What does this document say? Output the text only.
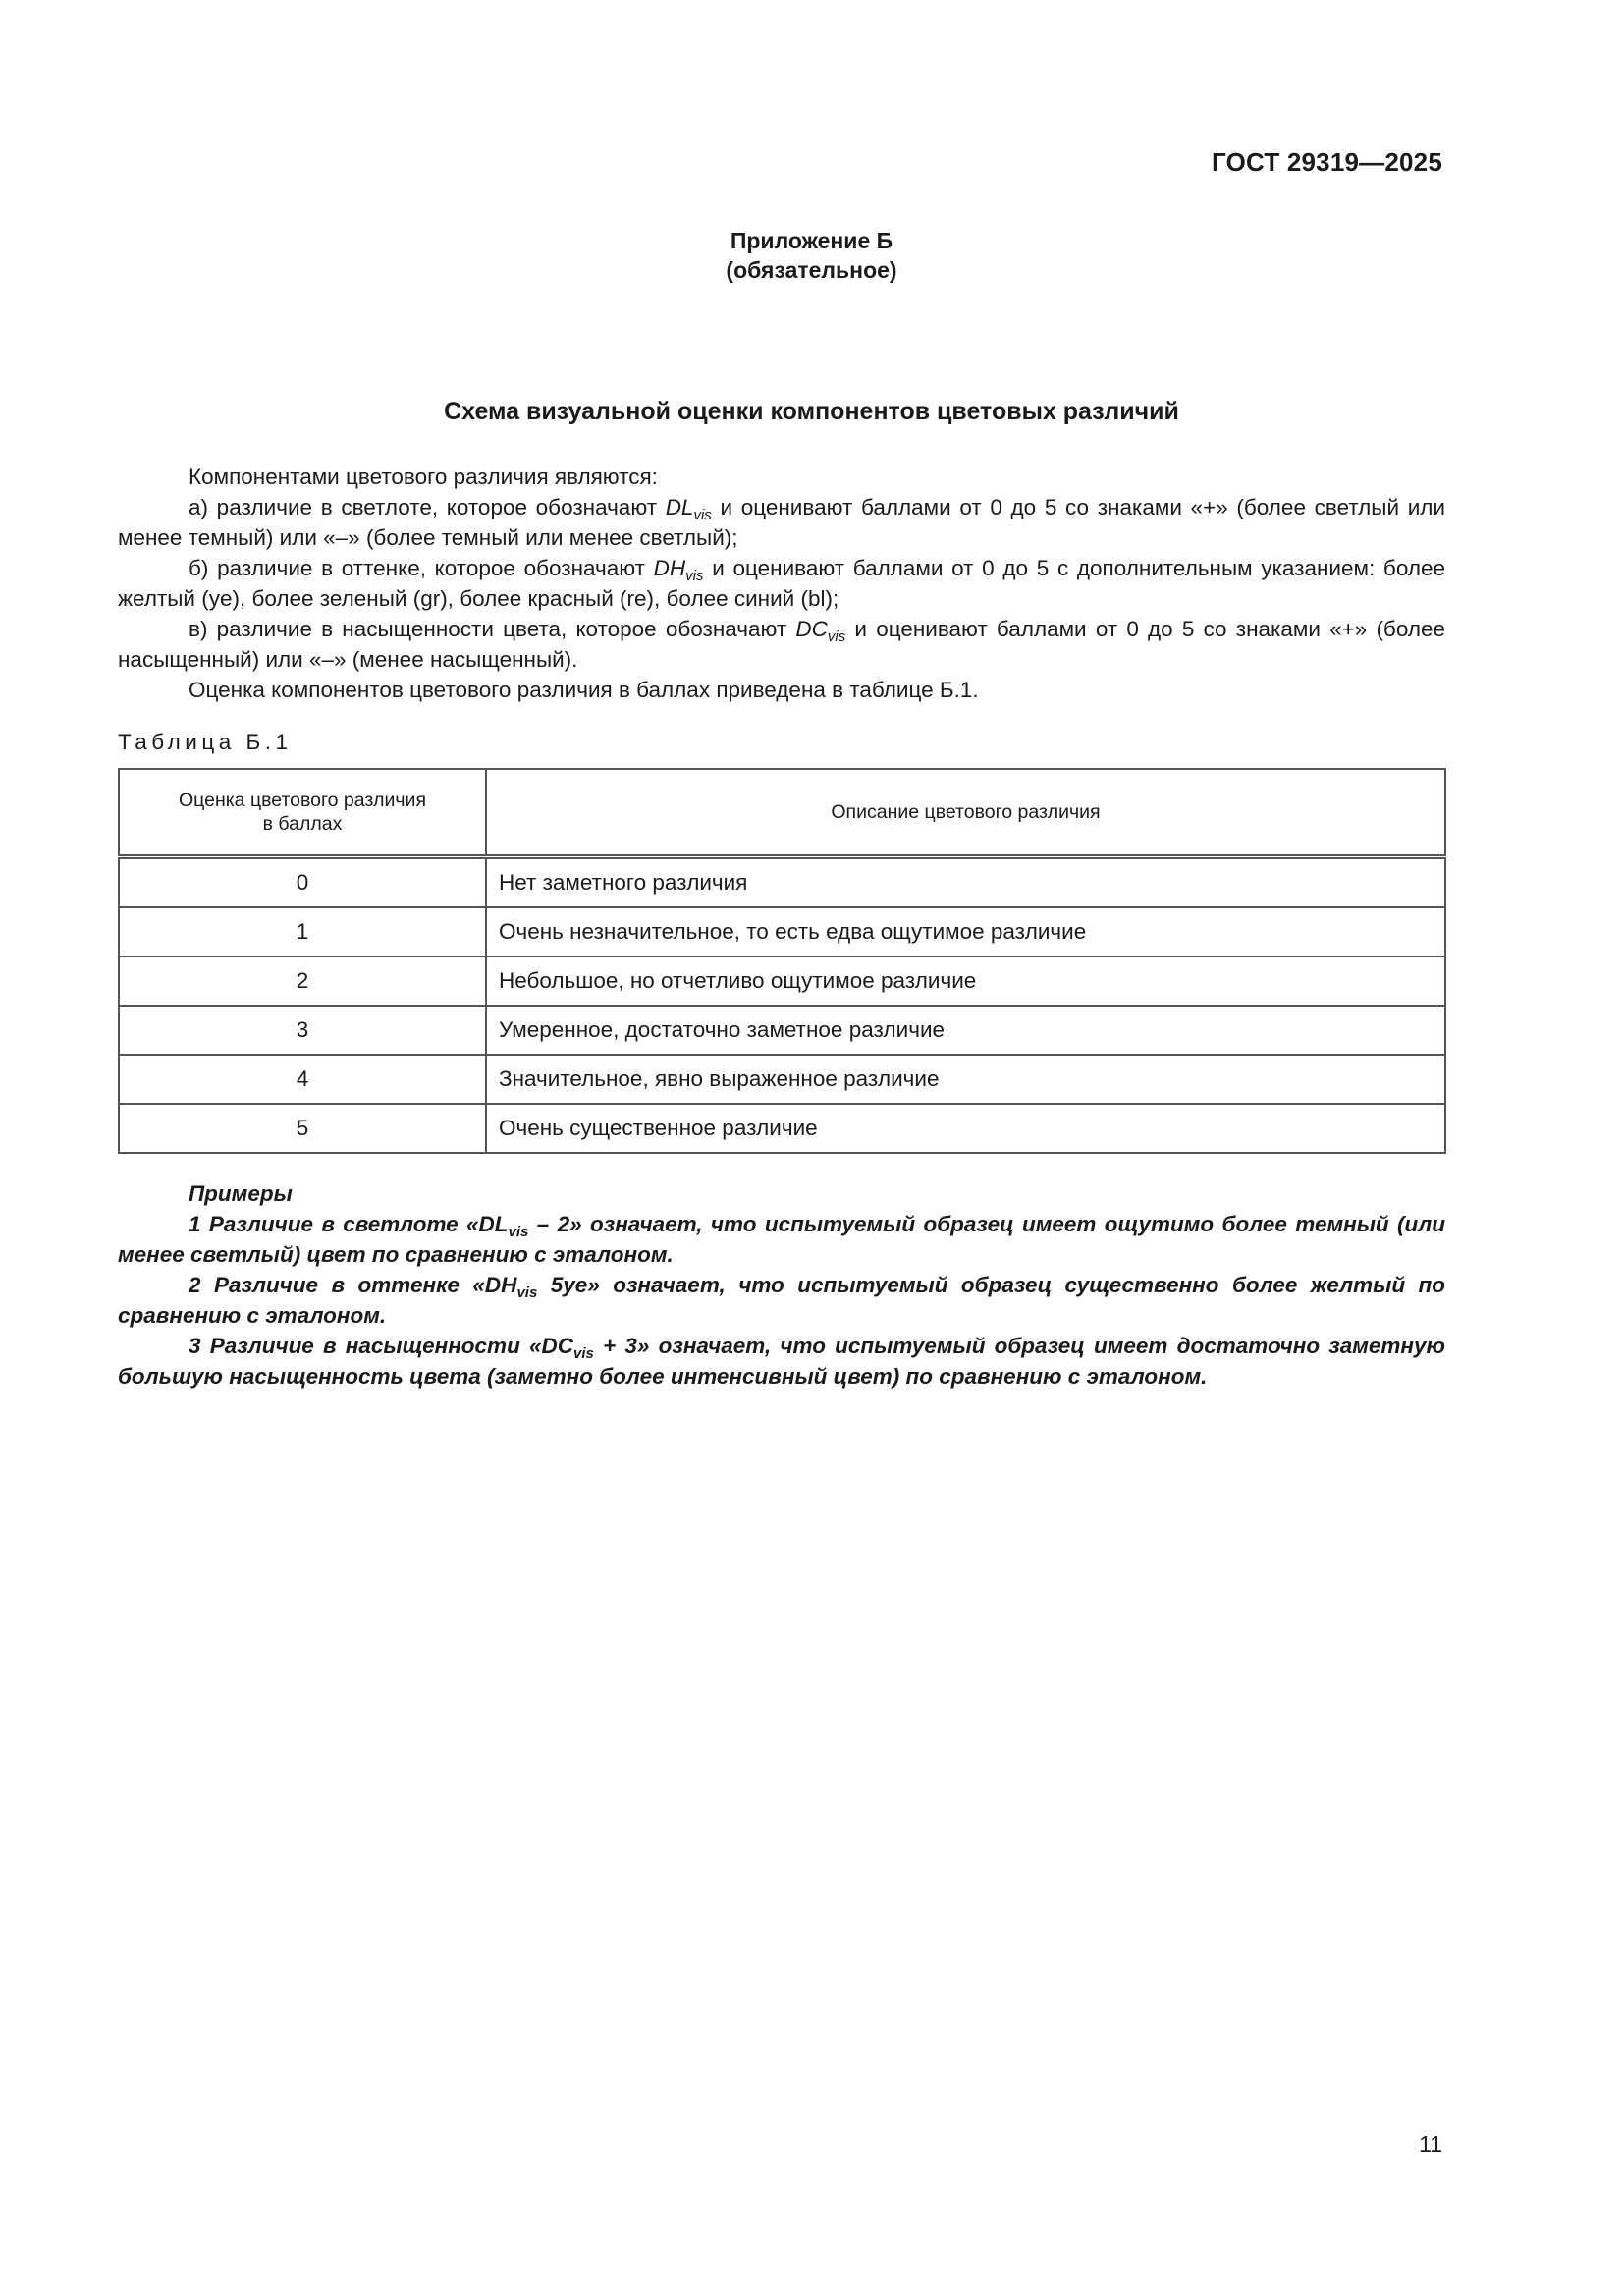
ГОСТ 29319—2025
Приложение Б
(обязательное)
Схема визуальной оценки компонентов цветовых различий

Компонентами цветового различия являются:

а) различие в светлоте, которое обозначают $DL_{vis}$ и оценивают баллами от 0 до 5 со знаками «+» (более светлый или менее темный) или «–» (более темный или менее светлый);

б) различие в оттенке, которое обозначают $DH_{vis}$ и оценивают баллами от 0 до 5 с дополнительным указанием: более желтый (ye), более зеленый (gr), более красный (re), более синий (bl);

в) различие в насыщенности цвета, которое обозначают $DC_{vis}$ и оценивают баллами от 0 до 5 со знаками «+» (более насыщенный) или «–» (менее насыщенный).

Оценка компонентов цветового различия в баллах приведена в таблице Б.1.

Таблица Б.1
Оценка цветового различия
в баллах	Описание цветового различия
0	Нет заметного различия
1	Очень незначительное, то есть едва ощутимое различие
2	Небольшое, но отчетливо ощутимое различие
3	Умеренное, достаточно заметное различие
4	Значительное, явно выраженное различие
5	Очень существенное различие

Примеры

1 Различие в светлоте «$DL_{vis} - 2$» означает, что испытуемый образец имеет ощутимо более темный (или менее светлый) цвет по сравнению с эталоном.

2 Различие в оттенке «$DH_{vis}$ 5ye» означает, что испытуемый образец существенно более желтый по сравнению с эталоном.

3 Различие в насыщенности «$DC_{vis} + 3$» означает, что испытуемый образец имеет достаточно заметную большую насыщенность цвета (заметно более интенсивный цвет) по сравнению с эталоном.

11
